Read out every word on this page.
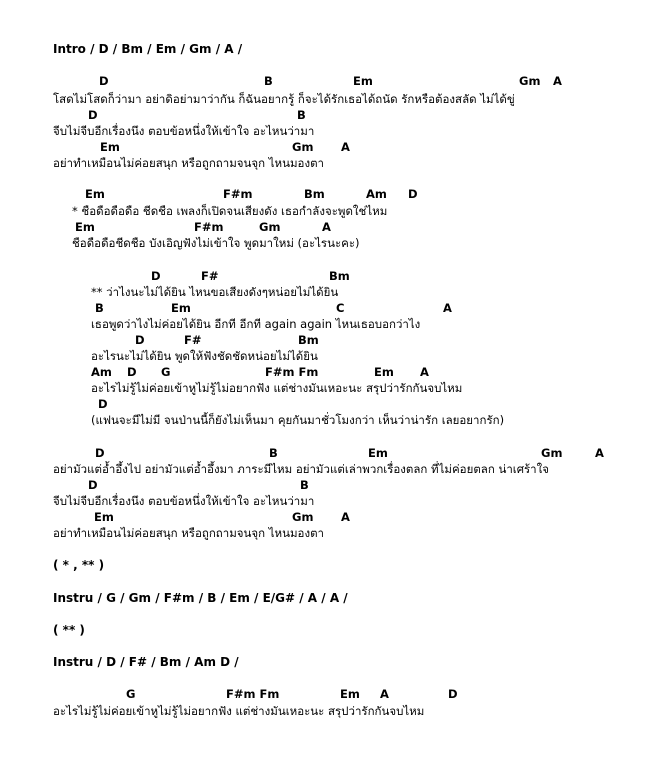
Intro / D / Bm / Em / Gm / A /
D	B	Em	Gm A
โสดไม่โสดก็ว่ามา อย่าดิอย่ามาว่ากัน ก็ฉันอยากรู้ ก็จะได้รักเธอได้ถนัด รักหรือต้องสลัด ไม่ได้ขู่
D	B
จีบไม่จีบอีกเรื่องนึง ตอบข้อหนึ่งให้เข้าใจ อะไหนว่ามา
Em	Gm A
อย่าทำเหมือนไม่ค่อยสนุก หรือถูกถามจนจุก ไหนมองตา
Em	F#m	Bm	Am D
* ชือดือดือดือ ชีดชือ เพลงก็เปิดจนเสียงดัง เธอกำลังจะพูดใช่ไหม
Em	F#m	Gm	A
ชือดือดือชีดชือ บังเอิญฟังไม่เข้าใจ พูดมาใหม่ (อะไรนะคะ)
D	F#	Bm
** ว่าไงนะไม่ได้ยิน ไหนขอเสียงดังๆหน่อยไม่ได้ยิน
B	Em	C	A
เธอพูดว่าไงไม่ค่อยได้ยิน อีกที อีกที again again ไหนเธอบอกว่าไง
D	F#	Bm
อะไรนะไม่ได้ยิน พูดให้ฟังชัดชัดหน่อยไม่ได้ยิน
Am D G	F#m Fm	Em A
อะไรไม่รู้ไม่ค่อยเข้าหูไม่รู้ไม่อยากฟัง แต่ช่างมันเหอะนะ สรุปว่ารักกันจบไหม
D
(แฟนจะมีไม่มี จนป่านนี้ก็ยังไม่เห็นมา คุยกันมาชั่วโมงกว่า เห็นว่าน่ารัก เลยอยากรัก)
D	B	Em	Gm	A
อย่ามัวแต่อ้ำอึ้งไป อย่ามัวแต่อ้ำอึ้งมา ภาระมีไหม อย่ามัวแต่เล่าพวกเรื่องตลก ที่ไม่ค่อยตลก น่าเศร้าใจ
D	B
จีบไม่จีบอีกเรื่องนึง ตอบข้อหนึ่งให้เข้าใจ อะไหนว่ามา
Em	Gm A
อย่าทำเหมือนไม่ค่อยสนุก หรือถูกถามจนจุก ไหนมองตา
( * , ** )
Instru / G / Gm / F#m / B / Em / E/G# / A / A /
( ** )
Instru / D / F# / Bm / Am D /
G	F#m Fm	Em A	D
อะไรไม่รู้ไม่ค่อยเข้าหูไม่รู้ไม่อยากฟัง แต่ช่างมันเหอะนะ สรุปว่ารักกันจบไหม
